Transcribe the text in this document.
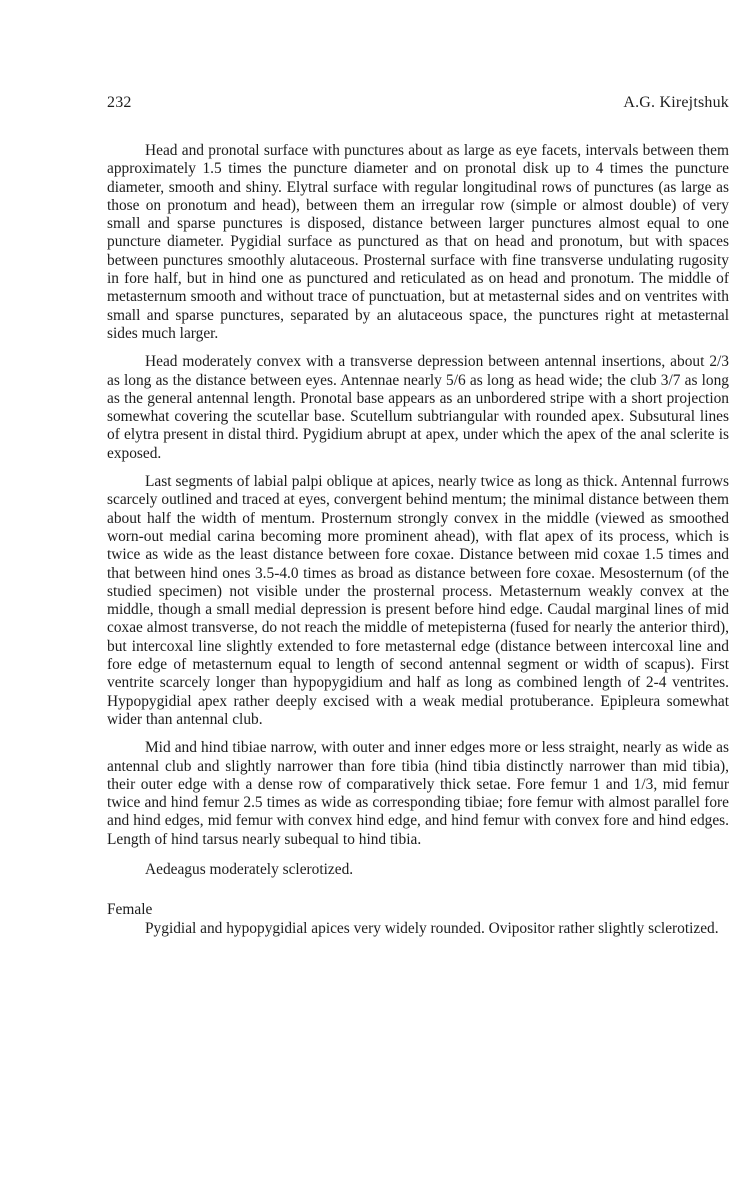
232	A.G. Kirejtshuk

Head and pronotal surface with punctures about as large as eye facets, intervals between them approximately 1.5 times the puncture diameter and on pronotal disk up to 4 times the puncture diameter, smooth and shiny. Elytral surface with regular longitudinal rows of punctures (as large as those on pronotum and head), between them an irregular row (simple or almost double) of very small and sparse punctures is disposed, distance between larger punctures almost equal to one puncture diameter. Pygidial surface as punctured as that on head and pronotum, but with spaces between punctures smoothly alutaceous. Prosternal surface with fine transverse undulating rugosity in fore half, but in hind one as punctured and reticulated as on head and pronotum. The middle of metasternum smooth and without trace of punctuation, but at metasternal sides and on ventrites with small and sparse punctures, separated by an alutaceous space, the punctures right at metasternal sides much larger.

Head moderately convex with a transverse depression between antennal insertions, about 2/3 as long as the distance between eyes. Antennae nearly 5/6 as long as head wide; the club 3/7 as long as the general antennal length. Pronotal base appears as an unbordered stripe with a short projection somewhat covering the scutellar base. Scutellum subtriangular with rounded apex. Subsutural lines of elytra present in distal third. Pygidium abrupt at apex, under which the apex of the anal sclerite is exposed.

Last segments of labial palpi oblique at apices, nearly twice as long as thick. Antennal furrows scarcely outlined and traced at eyes, convergent behind mentum; the minimal distance between them about half the width of mentum. Prosternum strongly convex in the middle (viewed as smoothed worn-out medial carina becoming more prominent ahead), with flat apex of its process, which is twice as wide as the least distance between fore coxae. Distance between mid coxae 1.5 times and that between hind ones 3.5-4.0 times as broad as distance between fore coxae. Mesosternum (of the studied specimen) not visible under the prosternal process. Metasternum weakly convex at the middle, though a small medial depression is present before hind edge. Caudal marginal lines of mid coxae almost transverse, do not reach the middle of metepisterna (fused for nearly the anterior third), but intercoxal line slightly extended to fore metasternal edge (distance between intercoxal line and fore edge of metasternum equal to length of second antennal segment or width of scapus). First ventrite scarcely longer than hypopygidium and half as long as combined length of 2-4 ventrites. Hypopygidial apex rather deeply excised with a weak medial protuberance. Epipleura somewhat wider than antennal club.

Mid and hind tibiae narrow, with outer and inner edges more or less straight, nearly as wide as antennal club and slightly narrower than fore tibia (hind tibia distinctly narrower than mid tibia), their outer edge with a dense row of comparatively thick setae. Fore femur 1 and 1/3, mid femur twice and hind femur 2.5 times as wide as corresponding tibiae; fore femur with almost parallel fore and hind edges, mid femur with convex hind edge, and hind femur with convex fore and hind edges. Length of hind tarsus nearly subequal to hind tibia.

Aedeagus moderately sclerotized.

Female

Pygidial and hypopygidial apices very widely rounded. Ovipositor rather slightly sclerotized.
